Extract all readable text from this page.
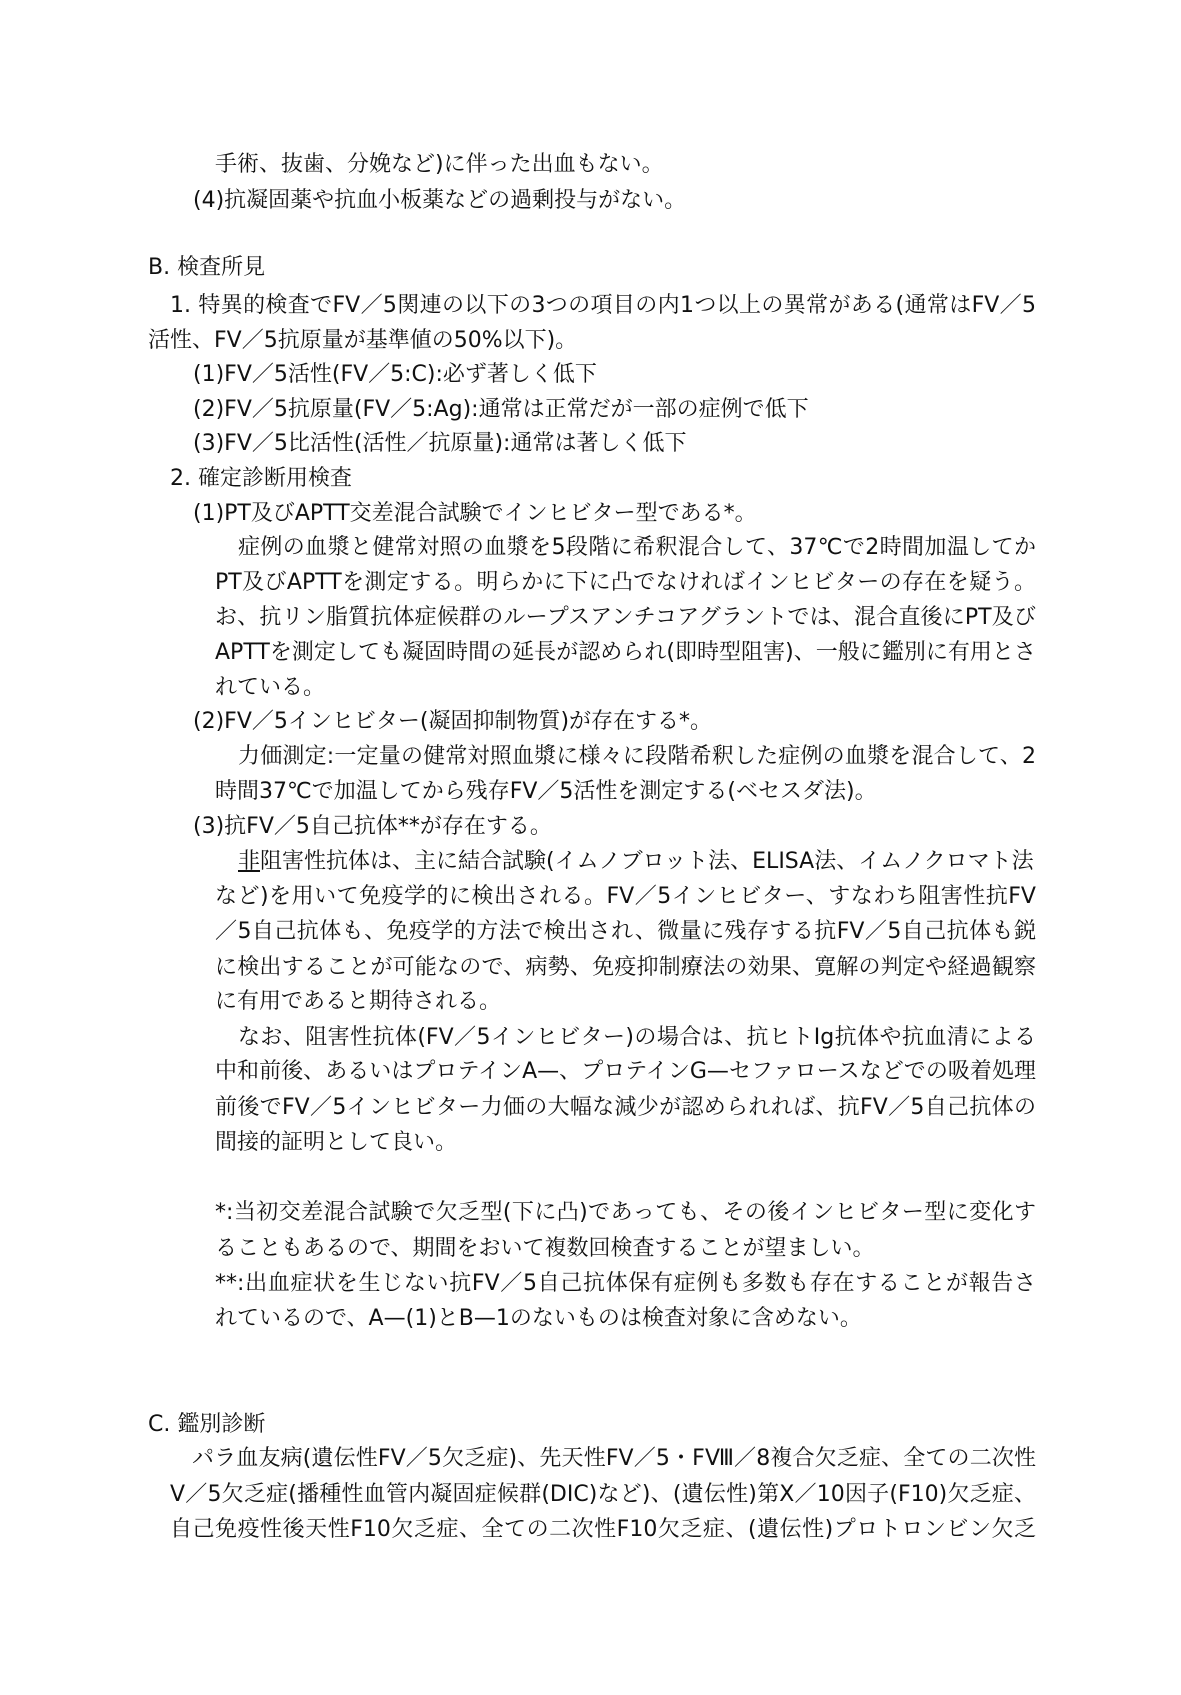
手術、抜歯、分娩など)に伴った出血もない。
(4)抗凝固薬や抗血小板薬などの過剰投与がない。
B. 検査所見
1. 特異的検査でFV／5関連の以下の3つの項目の内1つ以上の異常がある(通常はFV／5
活性、FV／5抗原量が基準値の50%以下)。
(1)FV／5活性(FV／5:C):必ず著しく低下
(2)FV／5抗原量(FV／5:Ag):通常は正常だが一部の症例で低下
(3)FV／5比活性(活性／抗原量):通常は著しく低下
2. 確定診断用検査
(1)PT及びAPTT交差混合試験でインヒビター型である*。
症例の血漿と健常対照の血漿を5段階に希釈混合して、37℃で2時間加温してか
PT及びAPTTを測定する。明らかに下に凸でなければインヒビターの存在を疑う。
お、抗リン脂質抗体症候群のループスアンチコアグラントでは、混合直後にPT及び
APTTを測定しても凝固時間の延長が認められ(即時型阻害)、一般に鑑別に有用とさ
れている。
(2)FV／5インヒビター(凝固抑制物質)が存在する*。
力価測定:一定量の健常対照血漿に様々に段階希釈した症例の血漿を混合して、2
時間37℃で加温してから残存FV／5活性を測定する(ベセスダ法)。
(3)抗FV／5自己抗体**が存在する。
非阻害性抗体は、主に結合試験(イムノブロット法、ELISA法、イムノクロマト法
など)を用いて免疫学的に検出される。FV／5インヒビター、すなわち阻害性抗FV
／5自己抗体も、免疫学的方法で検出され、微量に残存する抗FV／5自己抗体も鋭
に検出することが可能なので、病勢、免疫抑制療法の効果、寛解の判定や経過観察
に有用であると期待される。
なお、阻害性抗体(FV／5インヒビター)の場合は、抗ヒトIg抗体や抗血清による
中和前後、あるいはプロテインA—、プロテインG—セファロースなどでの吸着処理
前後でFV／5インヒビター力価の大幅な減少が認められれば、抗FV／5自己抗体の
間接的証明として良い。
*:当初交差混合試験で欠乏型(下に凸)であっても、その後インヒビター型に変化す
ることもあるので、期間をおいて複数回検査することが望ましい。
**:出血症状を生じない抗FV／5自己抗体保有症例も多数も存在することが報告さ
れているので、A—(1)とB—1のないものは検査対象に含めない。
C. 鑑別診断
パラ血友病(遺伝性FV／5欠乏症)、先天性FV／5・FⅧ／8複合欠乏症、全ての二次性
V／5欠乏症(播種性血管内凝固症候群(DIC)など)、(遺伝性)第X／10因子(F10)欠乏症、
自己免疫性後天性F10欠乏症、全ての二次性F10欠乏症、(遺伝性)プロトロンビン欠乏
